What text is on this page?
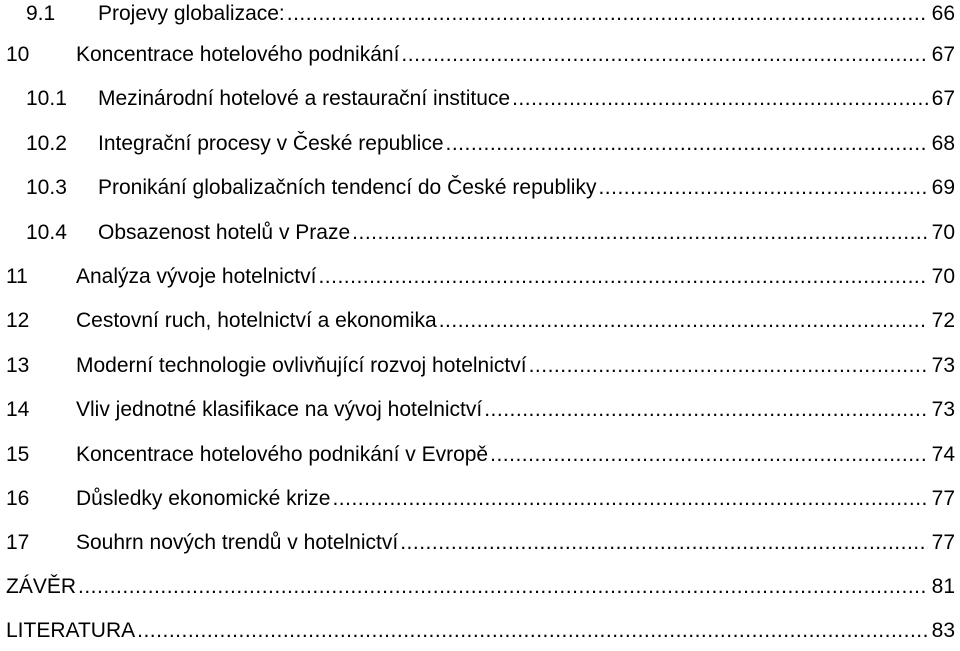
9.1 Projevy globalizace: .....	66
10 Koncentrace hotelového podnikání .....	67
10.1 Mezinárodní hotelové a restaurační instituce .....	67
10.2 Integrační procesy v České republice .....	68
10.3 Pronikání globalizačních tendencí do České republiky .....	69
10.4 Obsazenost hotelů v Praze .....	70
11 Analýza vývoje hotelnictví .....	70
12 Cestovní ruch, hotelnictví a ekonomika .....	72
13 Moderní technologie ovlivňující rozvoj hotelnictví .....	73
14 Vliv jednotné klasifikace na vývoj hotelnictví .....	73
15 Koncentrace hotelového podnikání v Evropě .....	74
16 Důsledky ekonomické krize .....	77
17 Souhrn nových trendů v hotelnictví .....	77
ZÁVĚR .....	81
LITERATURA .....	83
